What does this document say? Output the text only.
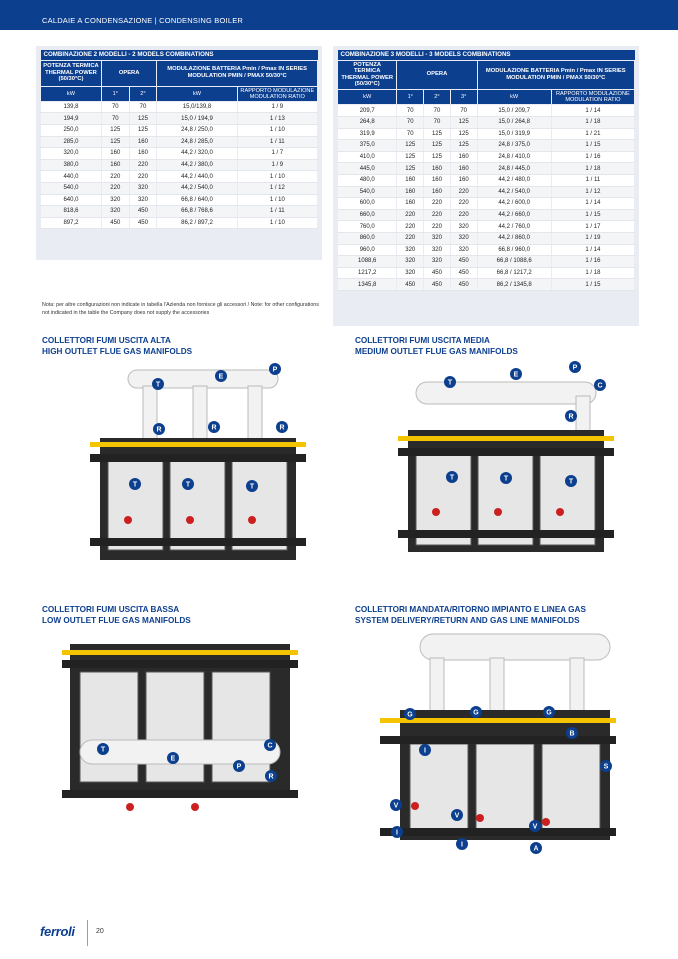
CALDAIE A CONDENSAZIONE | CONDENSING BOILER
COMBINAZIONE 2 MODELLI - 2 MODELS COMBINATIONS				
POTENZA TERMICA THERMAL POWER (50/30°C)	OPERA		MODULAZIONE BATTERIA Pmin / Pmax IN SERIES MODULATION PMIN / PMAX 50/30°C	
kW	1°	2°	kW	RAPPORTO MODULAZIONE MODULATION RATIO
139,8	70	70	15,0/139,8	1 / 9
194,9	70	125	15,0 / 194,9	1 / 13
250,0	125	125	24,8 / 250,0	1 / 10
285,0	125	160	24,8 / 285,0	1 / 11
320,0	160	160	44,2 / 320,0	1 / 7
380,0	160	220	44,2 / 380,0	1 / 9
440,0	220	220	44,2 / 440,0	1 / 10
540,0	220	320	44,2 / 540,0	1 / 12
640,0	320	320	66,8 / 640,0	1 / 10
818,6	320	450	66,8 / 768,6	1 / 11
897,2	450	450	86,2 / 897,2	1 / 10
COMBINAZIONE 3 MODELLI - 3 MODELS COMBINATIONS					
POTENZA TERMICA THERMAL POWER (50/30°C)	OPERA			MODULAZIONE BATTERIA Pmin / Pmax IN SERIES MODULATION PMIN / PMAX 50/30°C	
kW	1°	2°	3°	kW	RAPPORTO MODULAZIONE MODULATION RATIO
209,7	70	70	70	15,0 / 209,7	1 / 14
264,8	70	70	125	15,0 / 264,8	1 / 18
319,9	70	125	125	15,0 / 319,9	1 / 21
375,0	125	125	125	24,8 / 375,0	1 / 15
410,0	125	125	160	24,8 / 410,0	1 / 16
445,0	125	160	160	24,8 / 445,0	1 / 18
480,0	160	160	160	44,2 / 480,0	1 / 11
540,0	160	160	220	44,2 / 540,0	1 / 12
600,0	160	220	220	44,2 / 600,0	1 / 14
660,0	220	220	220	44,2 / 660,0	1 / 15
760,0	220	220	320	44,2 / 760,0	1 / 17
860,0	220	320	320	44,2 / 860,0	1 / 19
960,0	320	320	320	66,8 / 960,0	1 / 14
1088,6	320	320	450	66,8 / 1088,6	1 / 16
1217,2	320	450	450	66,8 / 1217,2	1 / 18
1345,8	450	450	450	86,2 / 1345,8	1 / 15
Nota: per altre configurazioni non indicate in tabella l'Azienda non fornisce gli accessori / Note: for other configurations not indicated in the table the Company does not supply the accessories
COLLETTORI FUMI USCITA ALTA
HIGH OUTLET FLUE GAS MANIFOLDS
COLLETTORI FUMI USCITA MEDIA
MEDIUM OUTLET FLUE GAS MANIFOLDS
COLLETTORI FUMI USCITA BASSA
LOW OUTLET FLUE GAS MANIFOLDS
COLLETTORI MANDATA/RITORNO IMPIANTO E LINEA GAS
SYSTEM DELIVERY/RETURN AND GAS LINE MANIFOLDS
T
E
P
R	R	R
T	T	T
T
E
P
C
R
T	T	T
T
E
P
C
R
G	G	G
B
I
S
V
V
V
I
I
A
ferroli	20
